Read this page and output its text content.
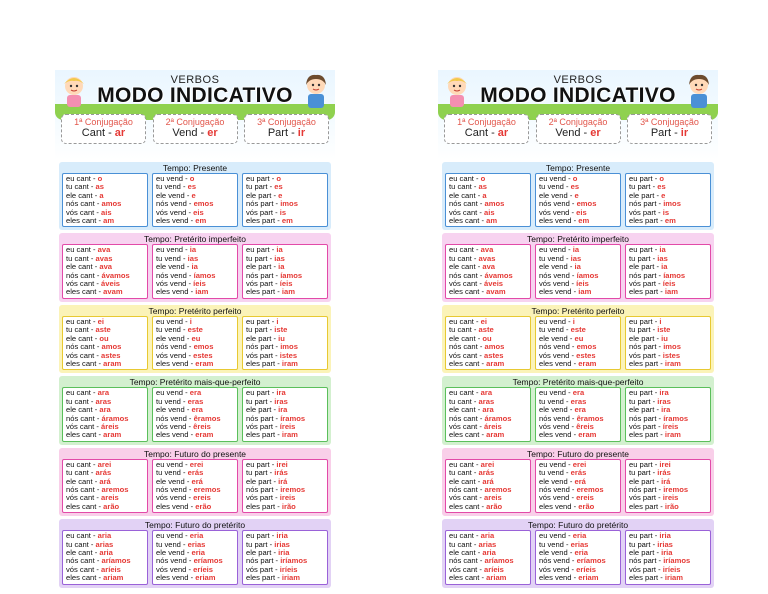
VERBOS
MODO INDICATIVO
1ª Conjugação
Cant - ar
2ª Conjugação
Vend - er
3ª Conjugação
Part - ir
Tempo: Presente
eu cant - o
tu cant - as
ele cant - a
nós cant - amos
vós cant - ais
eles cant - am
eu vend - o
tu vend - es
ele vend - e
nós vend - emos
vós vend - eis
eles vend - em
eu part - o
tu part - es
ele part - e
nós part - imos
vós part - is
eles part - em
Tempo: Pretérito imperfeito
eu cant - ava
tu cant - avas
ele cant - ava
nós cant - ávamos
vós cant - áveis
eles cant - avam
eu vend - ia
tu vend - ias
ele vend - ia
nós vend - íamos
vós vend - íeis
eles vend - iam
eu part - ia
tu part - ias
ele part - ia
nós part - íamos
vós part - íeis
eles part - iam
Tempo: Pretérito perfeito
eu cant - ei
tu cant - aste
ele cant - ou
nós cant - amos
vós cant - astes
eles cant - aram
eu vend - i
tu vend - este
ele vend - eu
nós vend - emos
vós vend - estes
eles vend - eram
eu part - i
tu part - iste
ele part - iu
nós part - imos
vós part - istes
eles part - iram
Tempo: Pretérito mais-que-perfeito
eu cant - ara
tu cant - aras
ele cant - ara
nós cant - áramos
vós cant - áreis
eles cant - aram
eu vend - era
tu vend - eras
ele vend - era
nós vend - êramos
vós vend - êreis
eles vend - eram
eu part - ira
tu part - iras
ele part - ira
nós part - íramos
vós part - íreis
eles part - iram
Tempo: Futuro do presente
eu cant - arei
tu cant - arás
ele cant - ará
nós cant - aremos
vós cant - areis
eles cant - arão
eu vend - erei
tu vend - erás
ele vend - erá
nós vend - eremos
vós vend - ereis
eles vend - erão
eu part - irei
tu part - irás
ele part - irá
nós part - iremos
vós part - ireis
eles part - irão
Tempo: Futuro do pretérito
eu cant - aria
tu cant - arias
ele cant - aria
nós cant - aríamos
vós cant - aríeis
eles cant - ariam
eu vend - eria
tu vend - erias
ele vend - eria
nós vend - eríamos
vós vend - eríeis
eles vend - eriam
eu part - iria
tu part - irias
ele part - iria
nós part - iríamos
vós part - iríeis
eles part - iriam
VERBOS
MODO INDICATIVO
1ª Conjugação
Cant - ar
2ª Conjugação
Vend - er
3ª Conjugação
Part - ir
Tempo: Presente
eu cant - o
tu cant - as
ele cant - a
nós cant - amos
vós cant - ais
eles cant - am
eu vend - o
tu vend - es
ele vend - e
nós vend - emos
vós vend - eis
eles vend - em
eu part - o
tu part - es
ele part - e
nós part - imos
vós part - is
eles part - em
Tempo: Pretérito imperfeito
eu cant - ava
tu cant - avas
ele cant - ava
nós cant - ávamos
vós cant - áveis
eles cant - avam
eu vend - ia
tu vend - ias
ele vend - ia
nós vend - íamos
vós vend - íeis
eles vend - iam
eu part - ia
tu part - ias
ele part - ia
nós part - íamos
vós part - íeis
eles part - iam
Tempo: Pretérito perfeito
eu cant - ei
tu cant - aste
ele cant - ou
nós cant - amos
vós cant - astes
eles cant - aram
eu vend - i
tu vend - este
ele vend - eu
nós vend - emos
vós vend - estes
eles vend - eram
eu part - i
tu part - iste
ele part - iu
nós part - imos
vós part - istes
eles part - iram
Tempo: Pretérito mais-que-perfeito
eu cant - ara
tu cant - aras
ele cant - ara
nós cant - áramos
vós cant - áreis
eles cant - aram
eu vend - era
tu vend - eras
ele vend - era
nós vend - êramos
vós vend - êreis
eles vend - eram
eu part - ira
tu part - iras
ele part - ira
nós part - íramos
vós part - íreis
eles part - iram
Tempo: Futuro do presente
eu cant - arei
tu cant - arás
ele cant - ará
nós cant - aremos
vós cant - areis
eles cant - arão
eu vend - erei
tu vend - erás
ele vend - erá
nós vend - eremos
vós vend - ereis
eles vend - erão
eu part - irei
tu part - irás
ele part - irá
nós part - iremos
vós part - ireis
eles part - irão
Tempo: Futuro do pretérito
eu cant - aria
tu cant - arias
ele cant - aria
nós cant - aríamos
vós cant - aríeis
eles cant - ariam
eu vend - eria
tu vend - erias
ele vend - eria
nós vend - eríamos
vós vend - eríeis
eles vend - eriam
eu part - iria
tu part - irias
ele part - iria
nós part - iríamos
vós part - iríeis
eles part - iriam
